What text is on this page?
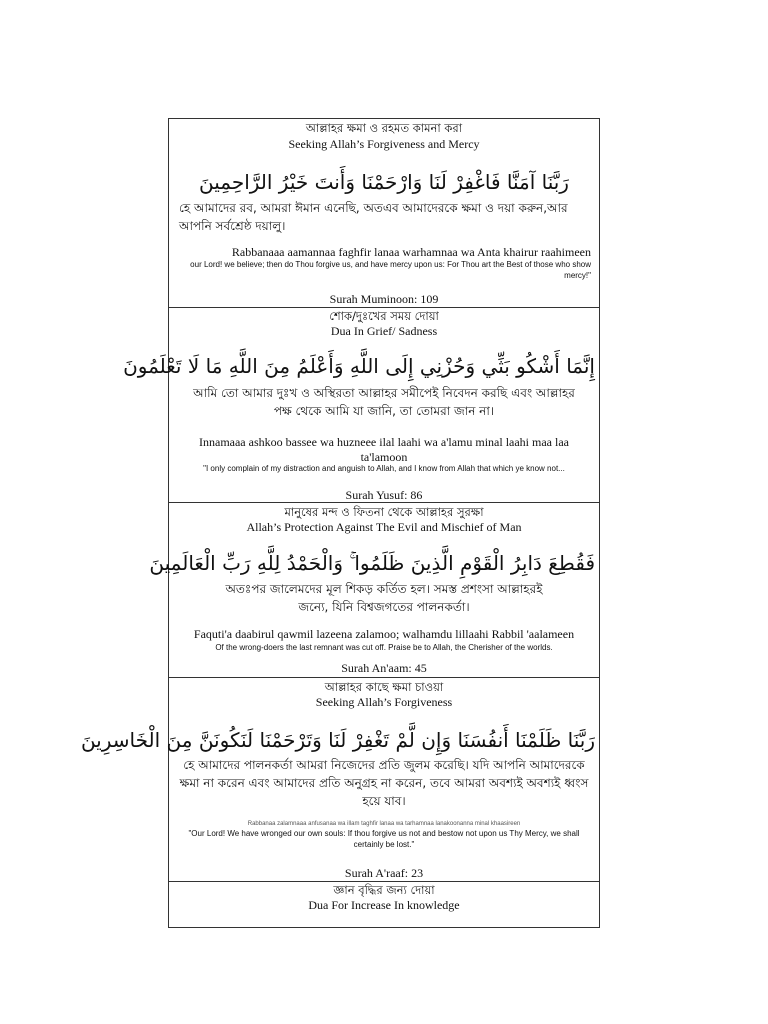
আল্লাহর ক্ষমা ও রহমত কামনা করা
Seeking Allah’s Forgiveness and Mercy
رَبَّنَا آمَنَّا فَاغْفِرْ لَنَا وَارْحَمْنَا وَأَنتَ خَيْرُ الرَّاحِمِينَ
হে আমাদের রব, আমরা ঈমান এনেছি, অতএব আমাদেরকে ক্ষমা ও দয়া করুন,আর আপনি সর্বশ্রেষ্ঠ দয়ালু।
Rabbanaaa aamannaa faghfir lanaa warhamnaa wa Anta khairur raahimeen
our Lord! we believe; then do Thou forgive us, and have mercy upon us: For Thou art the Best of those who show mercy!"
Surah Muminoon: 109
শোক/দুঃখের সময় দোয়া
Dua In Grief/ Sadness
إِنَّمَا أَشْكُو بَثِّي وَحُزْنِي إِلَى اللَّهِ وَأَعْلَمُ مِنَ اللَّهِ مَا لَا تَعْلَمُونَ
আমি তো আমার দুঃখ ও অস্থিরতা আল্লাহর সমীপেই নিবেদন করছি এবং আল্লাহর পক্ষ থেকে আমি যা জানি, তা তোমরা জান না।
Innamaaa ashkoo bassee wa huzneee ilal laahi wa a'lamu minal laahi maa laa ta'lamoon
"I only complain of my distraction and anguish to Allah, and I know from Allah that which ye know not...
Surah Yusuf: 86
মানুষের মন্দ ও ফিতনা থেকে আল্লাহর সুরক্ষা
Allah’s Protection Against The Evil and Mischief of Man
فَقُطِعَ دَابِرُ الْقَوْمِ الَّذِينَ ظَلَمُوا ۚ وَالْحَمْدُ لِلَّهِ رَبِّ الْعَالَمِينَ
অতঃপর জালেমদের মূল শিকড় কর্তিত হল। সমস্ত প্রশংসা আল্লাহরই জন্যে, যিনি বিশ্বজগতের পালনকর্তা।
Faquti'a daabirul qawmil lazeena zalamoo; walhamdu lillaahi Rabbil 'aalameen
Of the wrong-doers the last remnant was cut off. Praise be to Allah, the Cherisher of the worlds.
Surah An'aam: 45
আল্লাহর কাছে ক্ষমা চাওয়া
Seeking Allah’s Forgiveness
رَبَّنَا ظَلَمْنَا أَنفُسَنَا وَإِن لَّمْ تَغْفِرْ لَنَا وَتَرْحَمْنَا لَنَكُونَنَّ مِنَ الْخَاسِرِينَ
হে আমাদের পালনকর্তা আমরা নিজেদের প্রতি জুলম করেছি। যদি আপনি আমাদেরকে ক্ষমা না করেন এবং আমাদের প্রতি অনুগ্রহ না করেন, তবে আমরা অবশ্যই অবশ্যই ধ্বংস হয়ে যাব।
Rabbanaa zalamnaaa anfusanaa wa illam taghfir lanaa wa tarhamnaa lanakoonanna minal khaasireen
"Our Lord! We have wronged our own souls: If thou forgive us not and bestow not upon us Thy Mercy, we shall certainly be lost."
Surah A'raaf: 23
জ্ঞান বৃদ্ধির জন্য দোয়া
Dua For Increase In knowledge
